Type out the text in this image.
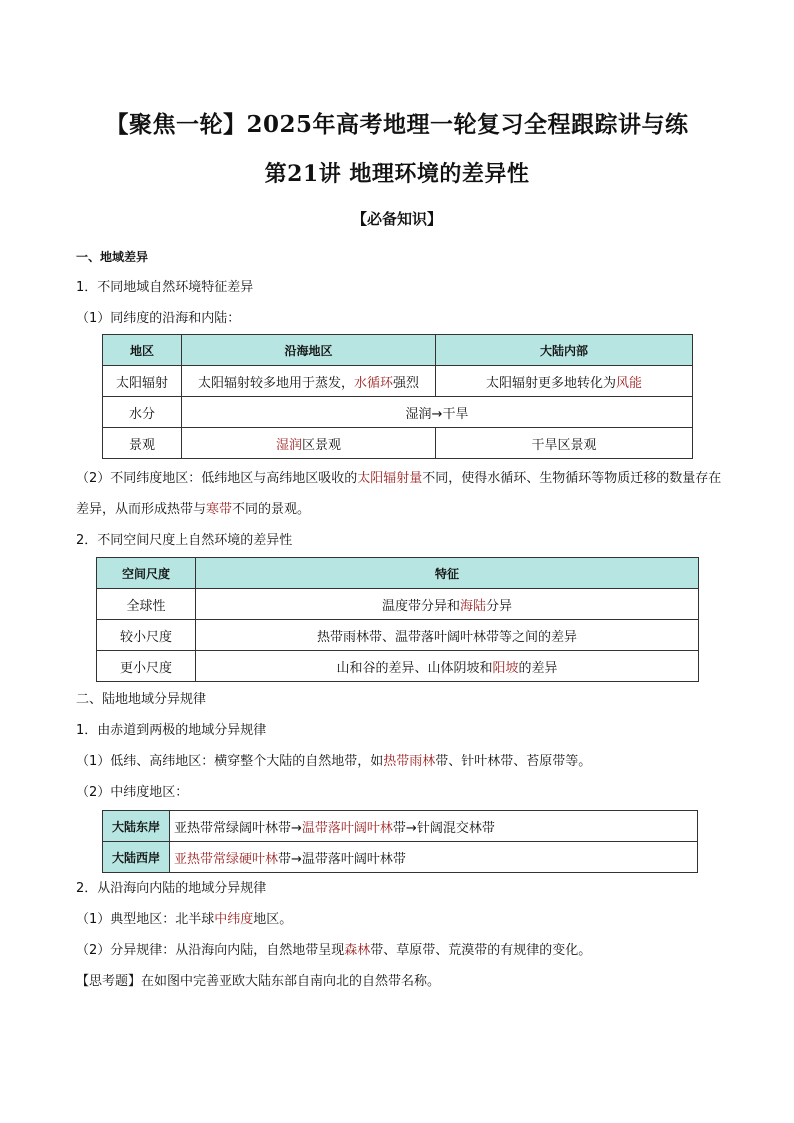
【聚焦一轮】2025年高考地理一轮复习全程跟踪讲与练
第21讲 地理环境的差异性
【必备知识】
一、地域差异
1．不同地域自然环境特征差异
（1）同纬度的沿海和内陆：
地区	沿海地区	大陆内部
太阳辐射	太阳辐射较多地用于蒸发，水循环强烈	太阳辐射更多地转化为风能
水分	湿润→干旱	
景观	湿润区景观	干旱区景观
（2）不同纬度地区：低纬地区与高纬地区吸收的太阳辐射量不同，使得水循环、生物循环等物质迁移的数量存在差异，从而形成热带与寒带不同的景观。
2．不同空间尺度上自然环境的差异性
空间尺度	特征
全球性	温度带分异和海陆分异
较小尺度	热带雨林带、温带落叶阔叶林带等之间的差异
更小尺度	山和谷的差异、山体阴坡和阳坡的差异
二、陆地地域分异规律
1．由赤道到两极的地域分异规律
（1）低纬、高纬地区：横穿整个大陆的自然地带，如热带雨林带、针叶林带、苔原带等。
（2）中纬度地区：
大陆东岸	亚热带常绿阔叶林带→温带落叶阔叶林带→针阔混交林带
大陆西岸	亚热带常绿硬叶林带→温带落叶阔叶林带
2．从沿海向内陆的地域分异规律
（1）典型地区：北半球中纬度地区。
（2）分异规律：从沿海向内陆，自然地带呈现森林带、草原带、荒漠带的有规律的变化。
【思考题】在如图中完善亚欧大陆东部自南向北的自然带名称。
